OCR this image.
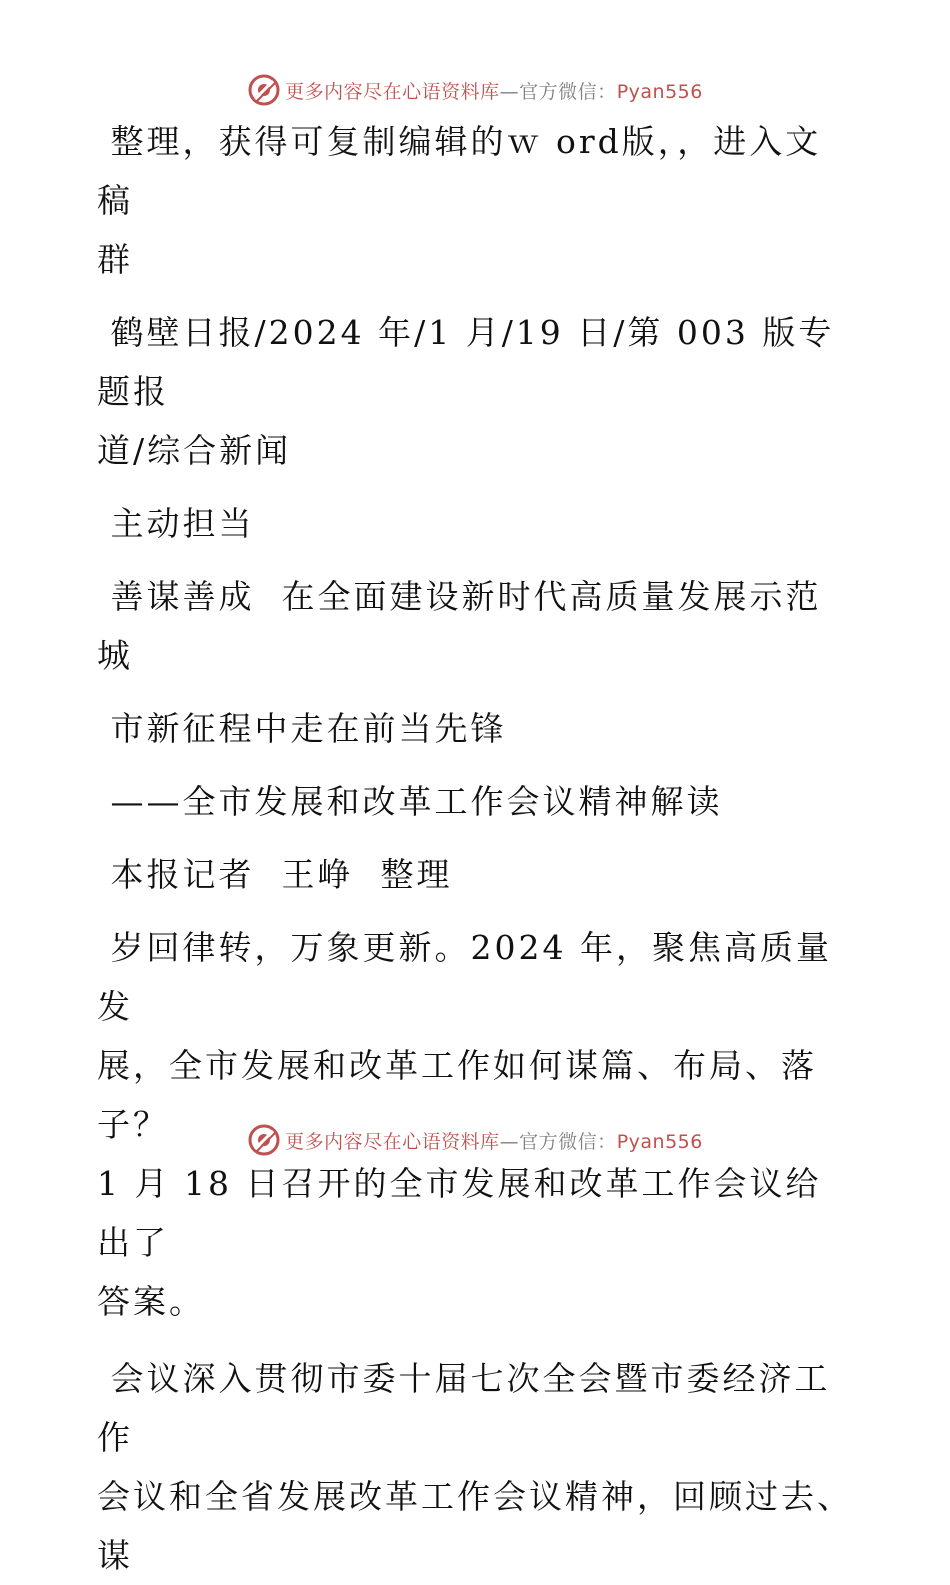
更多内容尽在心语资料库—官方微信：Pyan556

整理，获得可复制编辑的ｗ ord版，，进入文稿

群

鹤壁日报/2024 年/1 月/19 日/第 003 版专题报

道/综合新闻

主动担当

善谋善成  在全面建设新时代高质量发展示范城

市新征程中走在前当先锋

——全市发展和改革工作会议精神解读

本报记者  王峥  整理

岁回律转，万象更新。2024 年，聚焦高质量发

展，全市发展和改革工作如何谋篇、布局、落子？

1 月 18 日召开的全市发展和改革工作会议给出了

答案。

会议深入贯彻市委十届七次全会暨市委经济工作

会议和全省发展改革工作会议精神，回顾过去、谋

更多内容尽在心语资料库—官方微信：Pyan556
